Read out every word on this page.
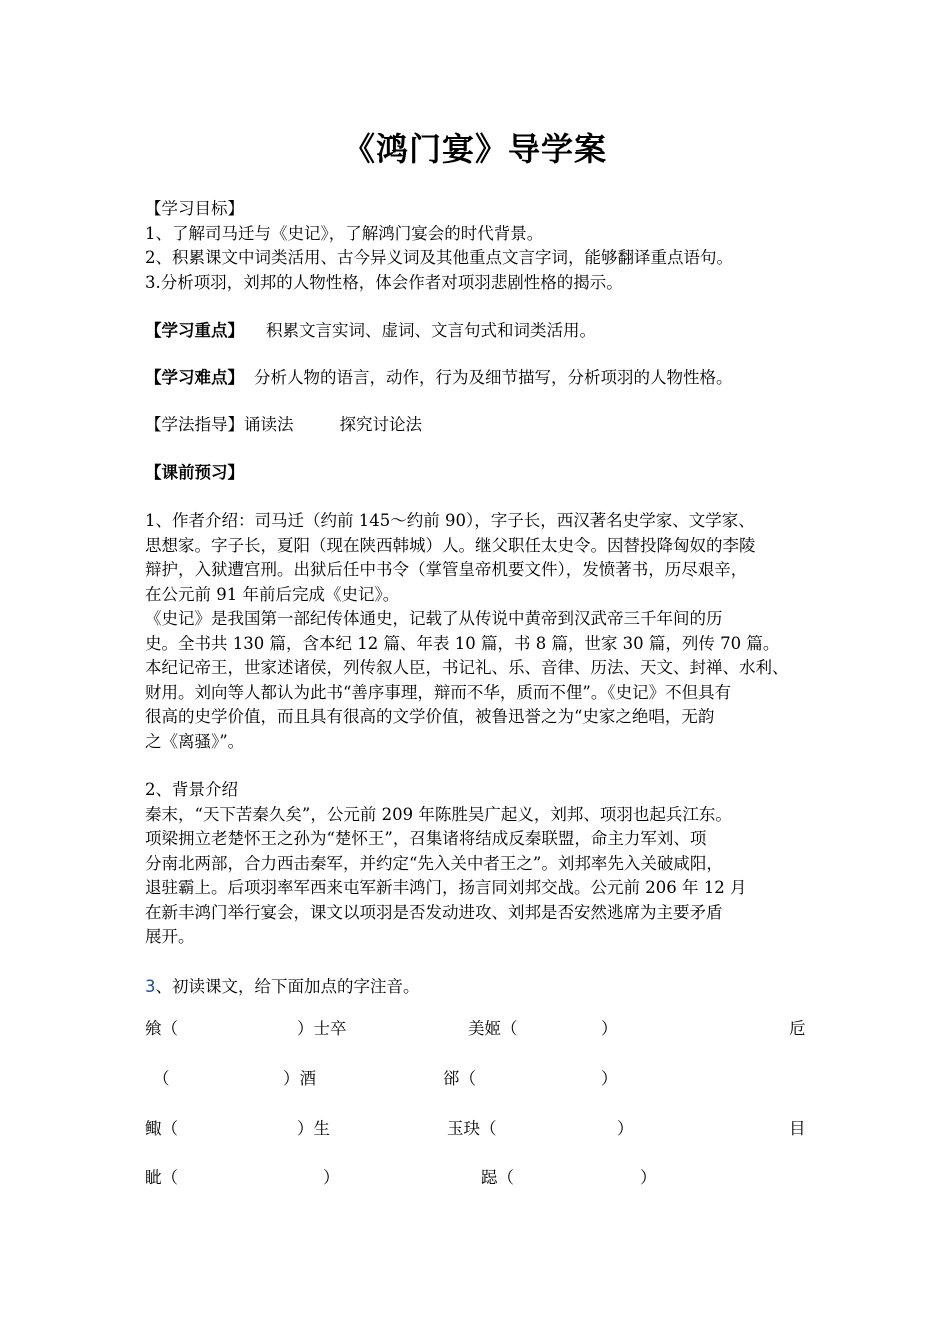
《鸿门宴》导学案
【学习目标】
1、了解司马迁与《史记》，了解鸿门宴会的时代背景。
2、积累课文中词类活用、古今异义词及其他重点文言字词，能够翻译重点语句。
3.分析项羽，刘邦的人物性格，体会作者对项羽悲剧性格的揭示。
【学习重点】 积累文言实词、虚词、文言句式和词类活用。
【学习难点】 分析人物的语言，动作，行为及细节描写，分析项羽的人物性格。
【学法指导】诵读法	探究讨论法
【课前预习】
1、作者介绍：司马迁（约前 145～约前 90），字子长，西汉著名史学家、文学家、
思想家。字子长，夏阳（现在陕西韩城）人。继父职任太史令。因替投降匈奴的李陵
辩护，入狱遭宫刑。出狱后任中书令（掌管皇帝机要文件），发愤著书，历尽艰辛，
在公元前 91 年前后完成《史记》。
《史记》是我国第一部纪传体通史，记载了从传说中黄帝到汉武帝三千年间的历
史。全书共 130 篇，含本纪 12 篇、年表 10 篇，书 8 篇，世家 30 篇，列传 70 篇。
本纪记帝王，世家述诸侯，列传叙人臣，书记礼、乐、音律、历法、天文、封禅、水利、
财用。刘向等人都认为此书“善序事理，辩而不华，质而不俚”。《史记》不但具有
很高的史学价值，而且具有很高的文学价值，被鲁迅誉之为“史家之绝唱，无韵
之《离骚》”。
2、背景介绍
秦末，“天下苦秦久矣”，公元前 209 年陈胜吴广起义，刘邦、项羽也起兵江东。
项梁拥立老楚怀王之孙为“楚怀王”，召集诸将结成反秦联盟，命主力军刘、项
分南北两部，合力西击秦军，并约定“先入关中者王之”。刘邦率先入关破咸阳，
退驻霸上。后项羽率军西来屯军新丰鸿门，扬言同刘邦交战。公元前 206 年 12 月
在新丰鸿门举行宴会，课文以项羽是否发动进攻、刘邦是否安然逃席为主要矛盾
展开。
3、初读课文，给下面加点的字注音。
飨（	）士卒	美姬（	）	卮
（	）酒	郤（	）
鲰（	）生	玉玦（	）	目
眦（	）	跽（	）
